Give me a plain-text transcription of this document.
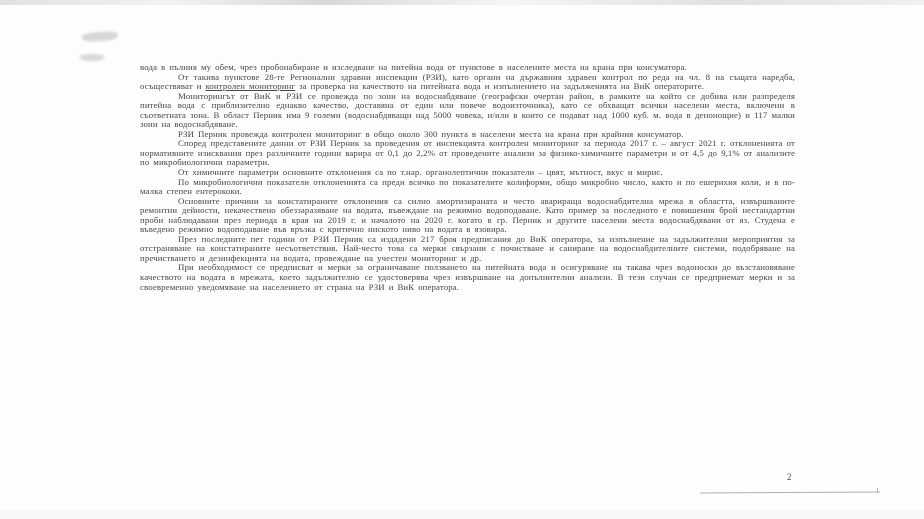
вода в пълния му обем, чрез пробонабиране и изследване на питейна вода от пунктове в населените места на крана при консуматора.

От такива пунктове 28-те Регионални здравни инспекции (РЗИ), като органи на държавния здравен контрол по реда на чл. 8 на същата наредба, осъществяват и контролен мониторинг за проверка на качеството на питейната вода и изпълнението на задълженията на ВиК операторите.

Мониторингът от ВиК и РЗИ се провежда по зони на водоснабдяване (географски очертан район, в рамките на който се добива или разпределя питейна вода с приблизително еднакво качество, доставяна от един или повече водоизточника), като се обхващат всички населени места, включени в съответната зона. В област Перник има 9 големи (водоснабдяващи над 5000 човека, и/или в които се подават над 1000 куб. м. вода в денонощие) и 117 малки зони на водоснабдяване.

РЗИ Перник провежда контролен мониторинг в общо около 300 пункта в населени места на крана при крайния консуматор.

Според представените данни от РЗИ Перник за проведения от инспекцията контролен мониторинг за периода 2017 г. – август 2021 г. отклоненията от нормативните изисквания през различните години варира от 0,1 до 2,2% от проведените анализи за физико-химичните параметри и от 4,5 до 9,1% от анализите по микробиологични параметри.

От химичните параметри основните отклонения са по т.нар. органолептични показатели – цвят, мътност, вкус и мирис.

По микробиологични показатели отклоненията са преди всичко по показателите колиформи, общо микробно число, както и по ешерихия коли, и в по-малка степен ентерококи.

Основните причини за констатираните отклонения са силно амортизираната и често аварираща водоснабдителна мрежа в областта, извършваните ремонтни дейности, некачествено обеззаразяване на водата, въвеждане на режимно водоподаване. Като пример за последното е повишения брой нестандартни проби наблюдавани през периода в края на 2019 г. и началото на 2020 г. когато в гр. Перник и другите населени места водоснабдявани от яз. Студена е въведено режимно водоподаване във връзка с критично ниското ниво на водата в язовира.

През последните пет години от РЗИ Перник са издадени 217 броя предписания до ВиК оператора, за изпълнение на задължителни мероприятия за отстраняване на констатираните несъответствия. Най-често това са мерки свързани с почистване и саниране на водоснабдителните системи, подобряване на пречистването и дезинфекцията на водата, провеждане на учестен мониторинг и др.

При необходимост се предписват и мерки за ограничаване ползването на питейната вода и осигуряване на такава чрез водоноски до възстановяване качеството на водата в мрежата, което задължително се удостоверява чрез извършване на допълнителни анализи. В тези случаи се предприемат мерки и за своевременно уведомяване на населението от страна на РЗИ и ВиК оператора.

2
